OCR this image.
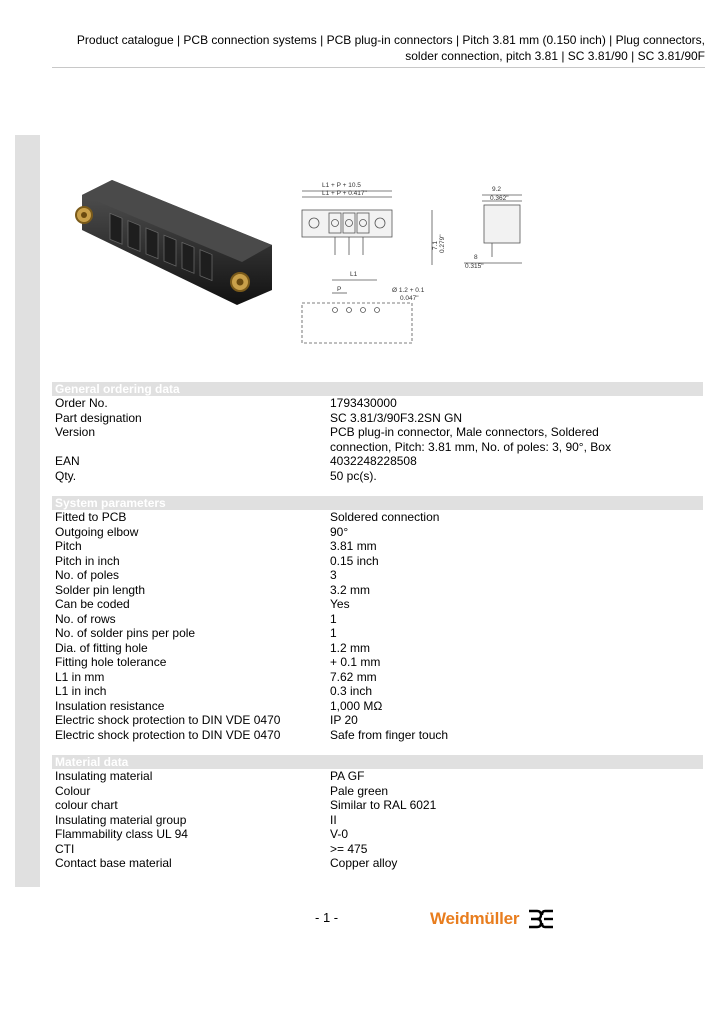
Product catalogue | PCB connection systems | PCB plug-in connectors | Pitch 3.81 mm (0.150 inch) | Plug connectors,
solder connection, pitch 3.81 | SC 3.81/90 | SC 3.81/90F
L1 + P + 10.5
L1 + P + 0.417"
7.1 0.279"
9.2
0.362"
8
0.315"
L1
P	Ø 1.2 + 0.1
0.047"
General ordering data
Order No.	1793430000
Part designation	SC 3.81/3/90F3.2SN GN
Version	PCB plug-in connector, Male connectors, Soldered connection, Pitch: 3.81 mm, No. of poles: 3, 90°, Box
EAN	4032248228508
Qty.	50 pc(s).
System parameters
Fitted to PCB	Soldered connection
Outgoing elbow	90°
Pitch	3.81 mm
Pitch in inch	0.15 inch
No. of poles	3
Solder pin length	3.2 mm
Can be coded	Yes
No. of rows	1
No. of solder pins per pole	1
Dia. of fitting hole	1.2 mm
Fitting hole tolerance	+ 0.1 mm
L1 in mm	7.62 mm
L1 in inch	0.3 inch
Insulation resistance	1,000 MΩ
Electric shock protection to DIN VDE 0470	IP 20
Electric shock protection to DIN VDE 0470	Safe from finger touch
Material data
Insulating material	PA GF
Colour	Pale green
colour chart	Similar to RAL 6021
Insulating material group	II
Flammability class UL 94	V-0
CTI	>= 475
Contact base material	Copper alloy
- 1 -	Weidmüller
